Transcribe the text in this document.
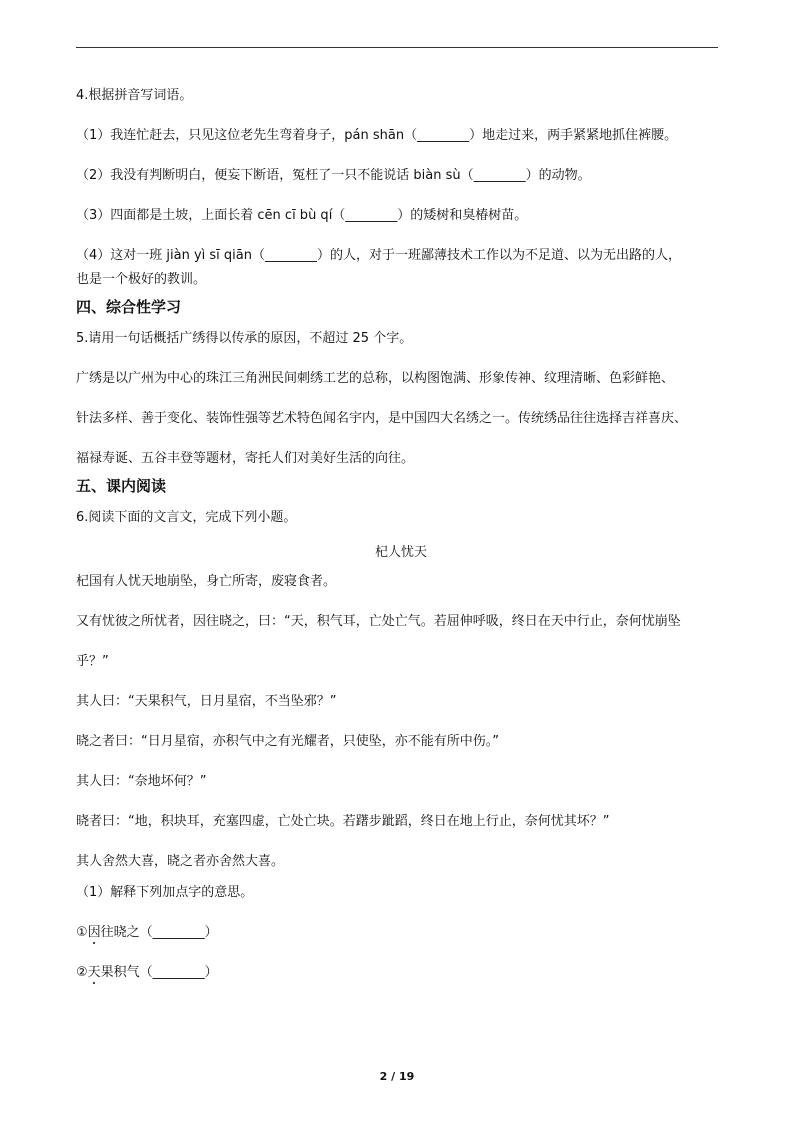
4.根据拼音写词语。

（1）我连忙赶去，只见这位老先生弯着身子，pán shān（________）地走过来，两手紧紧地抓住裤腰。

（2）我没有判断明白，便妄下断语，冤枉了一只不能说话 biàn sù（________）的动物。

（3）四面都是土坡，上面长着 cēn cī bù qí（________）的矮树和臭椿树苗。

（4）这对一班 jiàn yì sī qiān（________）的人，对于一班鄙薄技术工作以为不足道、以为无出路的人，

也是一个极好的教训。

四、综合性学习

5.请用一句话概括广绣得以传承的原因，不超过 25 个字。

广绣是以广州为中心的珠江三角洲民间刺绣工艺的总称，以构图饱满、形象传神、纹理清晰、色彩鲜艳、

针法多样、善于变化、装饰性强等艺术特色闻名宇内，是中国四大名绣之一。传统绣品往往选择吉祥喜庆、

福禄寿诞、五谷丰登等题材，寄托人们对美好生活的向往。

五、课内阅读

6.阅读下面的文言文，完成下列小题。

杞人忧天

杞国有人忧天地崩坠，身亡所寄，废寝食者。

又有忧彼之所忧者，因往晓之，曰：“天，积气耳，亡处亡气。若屈伸呼吸，终日在天中行止，奈何忧崩坠

乎？”

其人曰：“天果积气，日月星宿，不当坠邪？”

晓之者曰：“日月星宿，亦积气中之有光耀者，只使坠，亦不能有所中伤。”

其人曰：“奈地坏何？”

晓者曰：“地，积块耳，充塞四虚，亡处亡块。若躇步跐蹈，终日在地上行止，奈何忧其坏？”

其人舍然大喜，晓之者亦舍然大喜。

（1）解释下列加点字的意思。

①因往晓之（________）

②天果积气（________）

2 / 19
